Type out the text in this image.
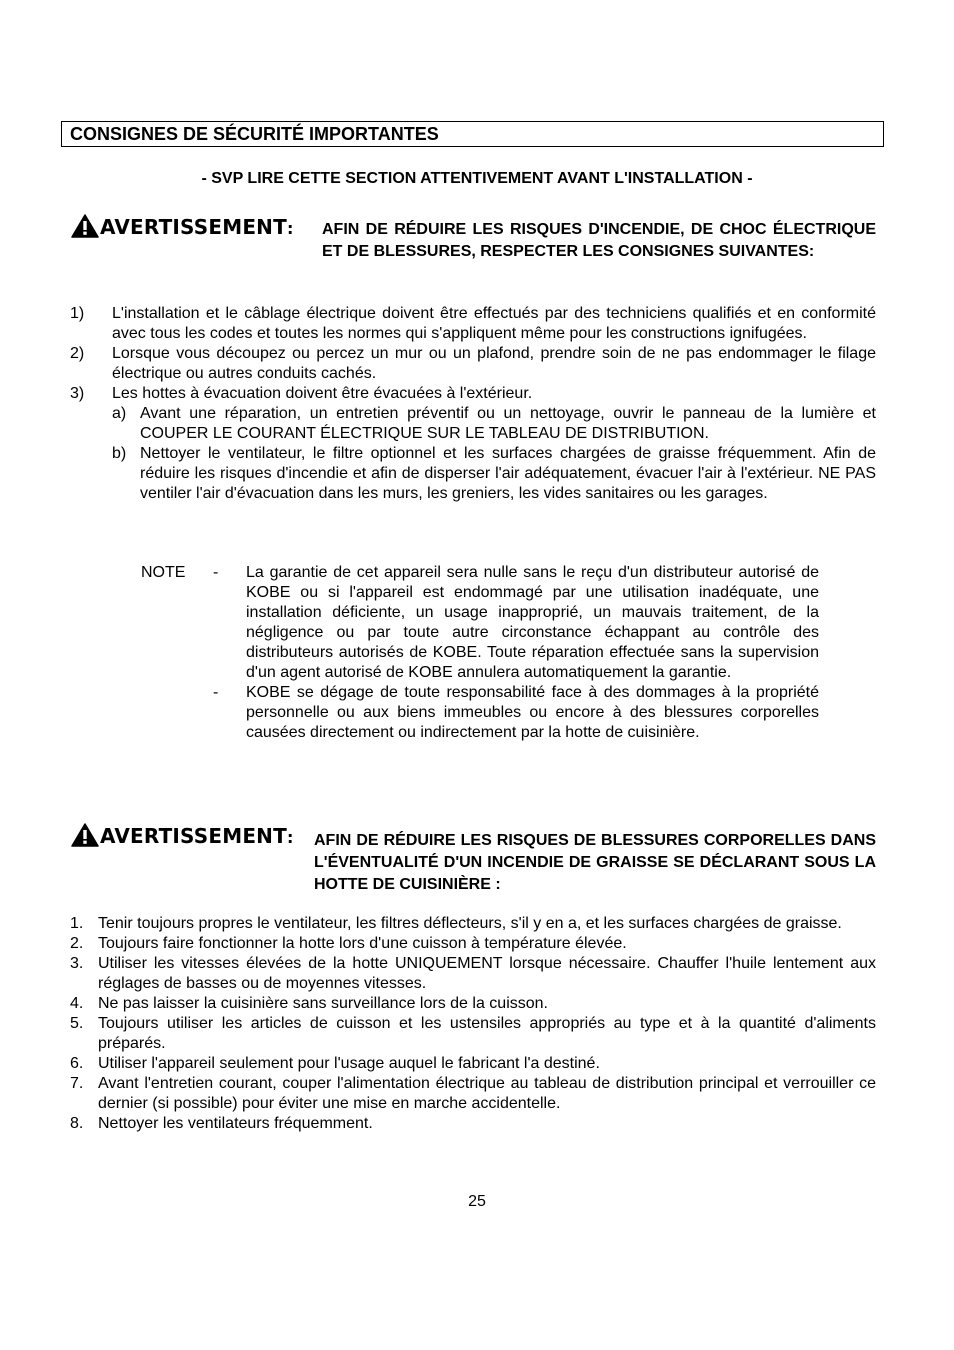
CONSIGNES DE SÉCURITÉ IMPORTANTES
- SVP LIRE CETTE SECTION ATTENTIVEMENT AVANT L'INSTALLATION -
AVERTISSEMENT: AFIN DE RÉDUIRE LES RISQUES D'INCENDIE, DE CHOC ÉLECTRIQUE ET DE BLESSURES, RESPECTER LES CONSIGNES SUIVANTES:
1)	L'installation et le câblage électrique doivent être effectués par des techniciens qualifiés et en conformité avec tous les codes et toutes les normes qui s'appliquent même pour les constructions ignifugées.
2)	Lorsque vous découpez ou percez un mur ou un plafond, prendre soin de ne pas endommager le filage électrique ou autres conduits cachés.
3)	Les hottes à évacuation doivent être évacuées à l'extérieur.
a) Avant une réparation, un entretien préventif ou un nettoyage, ouvrir le panneau de la lumière et COUPER LE COURANT ÉLECTRIQUE SUR LE TABLEAU DE DISTRIBUTION.
b) Nettoyer le ventilateur, le filtre optionnel et les surfaces chargées de graisse fréquemment. Afin de réduire les risques d'incendie et afin de disperser l'air adéquatement, évacuer l'air à l'extérieur. NE PAS ventiler l'air d'évacuation dans les murs, les greniers, les vides sanitaires ou les garages.
NOTE	-	La garantie de cet appareil sera nulle sans le reçu d'un distributeur autorisé de KOBE ou si l'appareil est endommagé par une utilisation inadéquate, une installation déficiente, un usage inapproprié, un mauvais traitement, de la négligence ou par toute autre circonstance échappant au contrôle des distributeurs autorisés de KOBE. Toute réparation effectuée sans la supervision d'un agent autorisé de KOBE annulera automatiquement la garantie.
-	KOBE se dégage de toute responsabilité face à des dommages à la propriété personnelle ou aux biens immeubles ou encore à des blessures corporelles causées directement ou indirectement par la hotte de cuisinière.
AVERTISSEMENT: AFIN DE RÉDUIRE LES RISQUES DE BLESSURES CORPORELLES DANS L'ÉVENTUALITÉ D'UN INCENDIE DE GRAISSE SE DÉCLARANT SOUS LA HOTTE DE CUISINIÈRE :
1. Tenir toujours propres le ventilateur, les filtres déflecteurs, s'il y en a, et les surfaces chargées de graisse.
2. Toujours faire fonctionner la hotte lors d'une cuisson à température élevée.
3. Utiliser les vitesses élevées de la hotte UNIQUEMENT lorsque nécessaire. Chauffer l'huile lentement aux réglages de basses ou de moyennes vitesses.
4. Ne pas laisser la cuisinière sans surveillance lors de la cuisson.
5. Toujours utiliser les articles de cuisson et les ustensiles appropriés au type et à la quantité d'aliments préparés.
6. Utiliser l'appareil seulement pour l'usage auquel le fabricant l'a destiné.
7. Avant l'entretien courant, couper l'alimentation électrique au tableau de distribution principal et verrouiller ce dernier (si possible) pour éviter une mise en marche accidentelle.
8. Nettoyer les ventilateurs fréquemment.
25
